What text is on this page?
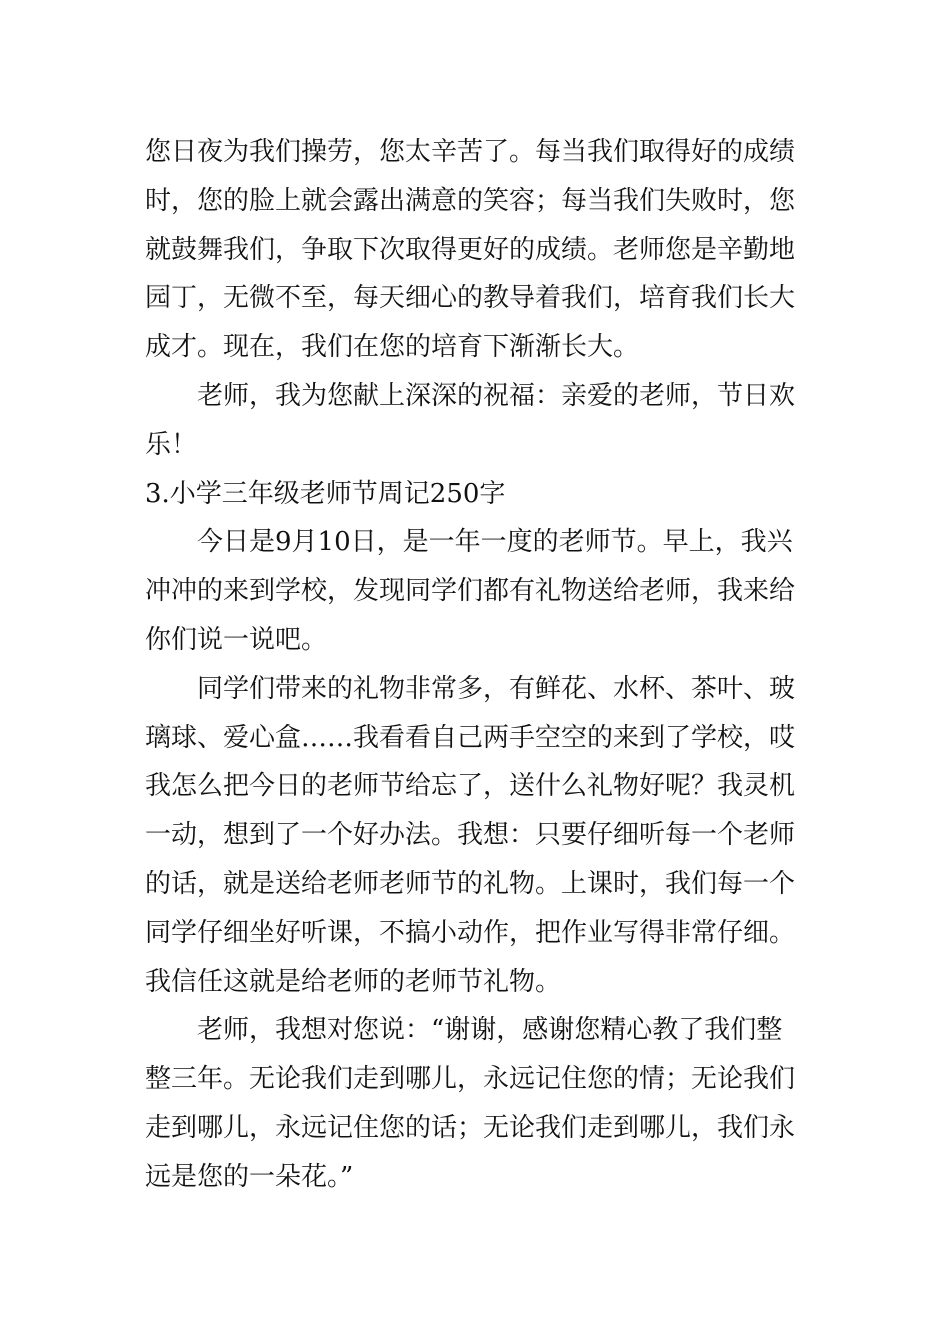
您日夜为我们操劳，您太辛苦了。每当我们取得好的成绩

时，您的脸上就会露出满意的笑容；每当我们失败时，您

就鼓舞我们，争取下次取得更好的成绩。老师您是辛勤地

园丁，无微不至，每天细心的教导着我们，培育我们长大

成才。现在，我们在您的培育下渐渐长大。

　　老师，我为您献上深深的祝福：亲爱的老师，节日欢

乐！

3.小学三年级老师节周记250字

　　今日是9月10日，是一年一度的老师节。早上，我兴

冲冲的来到学校，发现同学们都有礼物送给老师，我来给

你们说一说吧。

　　同学们带来的礼物非常多，有鲜花、水杯、茶叶、玻

璃球、爱心盒……我看看自己两手空空的来到了学校，哎

我怎么把今日的老师节给忘了，送什么礼物好呢？我灵机

一动，想到了一个好办法。我想：只要仔细听每一个老师

的话，就是送给老师老师节的礼物。上课时，我们每一个

同学仔细坐好听课，不搞小动作，把作业写得非常仔细。

我信任这就是给老师的老师节礼物。

　　老师，我想对您说：“谢谢，感谢您精心教了我们整

整三年。无论我们走到哪儿，永远记住您的情；无论我们

走到哪儿，永远记住您的话；无论我们走到哪儿，我们永

远是您的一朵花。”
